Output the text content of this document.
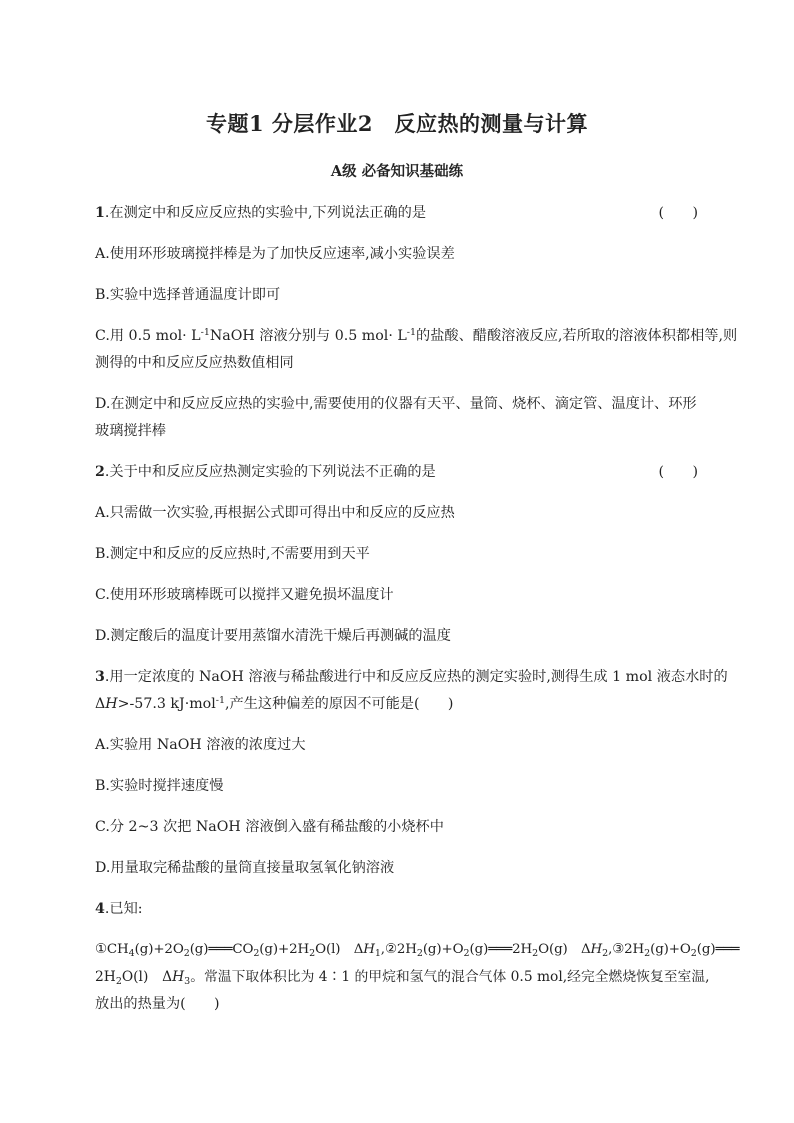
专题1 分层作业2　反应热的测量与计算
A级 必备知识基础练
1.在测定中和反应反应热的实验中,下列说法正确的是	(　　)
A.使用环形玻璃搅拌棒是为了加快反应速率,减小实验误差
B.实验中选择普通温度计即可
C.用 0.5 $mol\cdot L^{-1}NaOH$ 溶液分别与 0.5 $mol\cdot L^{-1}$的盐酸、醋酸溶液反应,若所取的溶液体积都相等,则
测得的中和反应反应热数值相同
D.在测定中和反应反应热的实验中,需要使用的仪器有天平、量筒、烧杯、滴定管、温度计、环形
玻璃搅拌棒
2.关于中和反应反应热测定实验的下列说法不正确的是	(　　)
A.只需做一次实验,再根据公式即可得出中和反应的反应热
B.测定中和反应的反应热时,不需要用到天平
C.使用环形玻璃棒既可以搅拌又避免损坏温度计
D.测定酸后的温度计要用蒸馏水清洗干燥后再测碱的温度
3.用一定浓度的 NaOH 溶液与稀盐酸进行中和反应反应热的测定实验时,测得生成 1 mol 液态水时的
ΔH>-57.3 kJ·mol$^{-1}$,产生这种偏差的原因不可能是(　　)
A.实验用 NaOH 溶液的浓度过大
B.实验时搅拌速度慢
C.分 2~3 次把 NaOH 溶液倒入盛有稀盐酸的小烧杯中
D.用量取完稀盐酸的量筒直接量取氢氧化钠溶液
4.已知:
$①CH_4(g)+2O_2(g)═══CO_2(g)+2H_2O(l)$　$\Delta H_1,②2H_2(g)+O_2(g)═══2H_2O(g)$　$\Delta H_2,③2H_2(g)+O_2(g)═══$
$2H_2O(l)$　$\Delta H_3$。常温下取体积比为 4∶1 的甲烷和氢气的混合气体 0.5 mol,经完全燃烧恢复至室温,
放出的热量为(　　)
